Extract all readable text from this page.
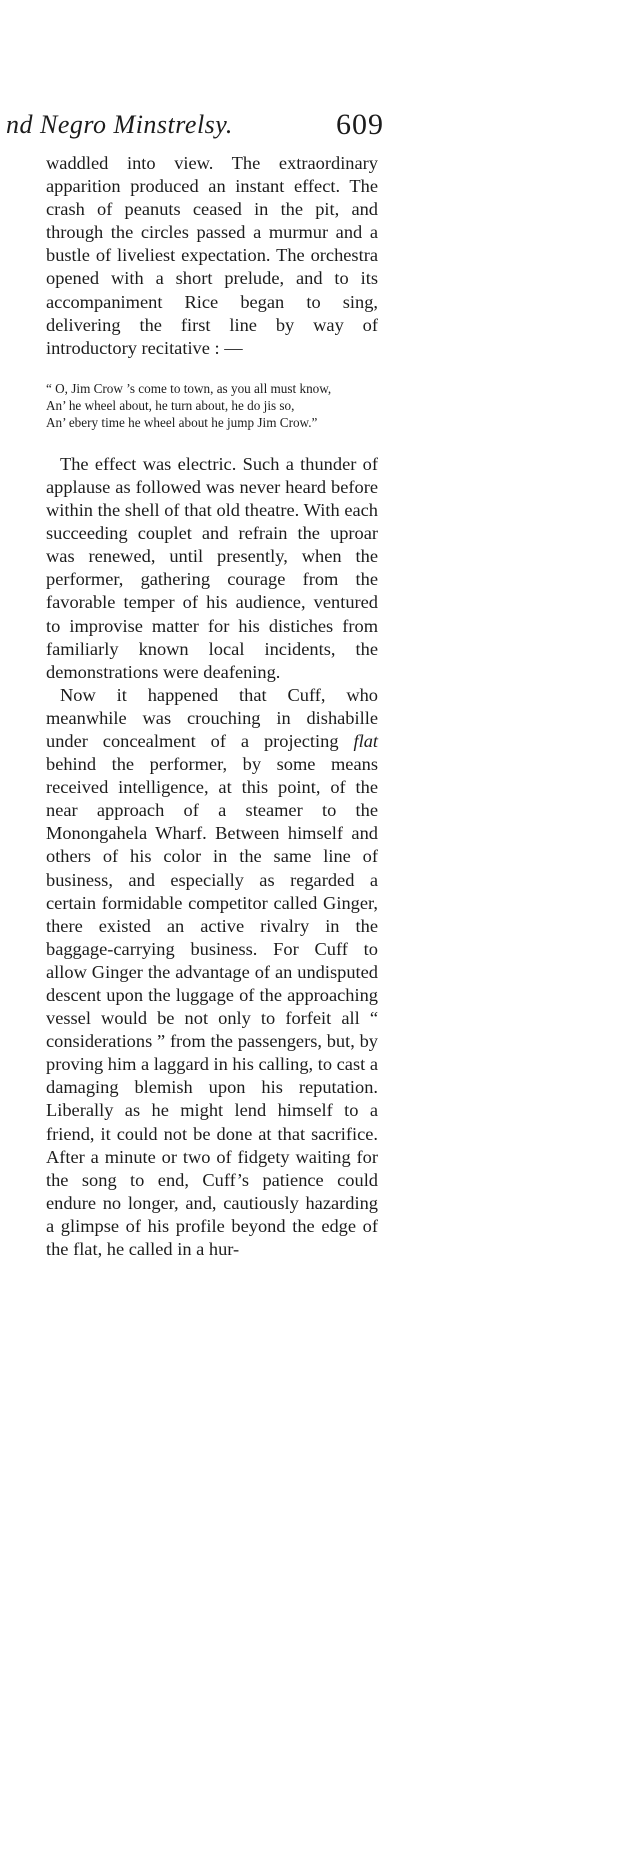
nd Negro Minstrelsy.	609

waddled into view. The extraordinary apparition produced an instant effect. The crash of peanuts ceased in the pit, and through the circles passed a murmur and a bustle of liveliest expectation. The orchestra opened with a short prelude, and to its accompaniment Rice began to sing, delivering the first line by way of introductory recitative : —

“ O, Jim Crow ’s come to town, as you all must know,
An’ he wheel about, he turn about, he do jis so,
An’ ebery time he wheel about he jump Jim Crow.”

The effect was electric. Such a thunder of applause as followed was never heard before within the shell of that old theatre. With each succeeding couplet and refrain the uproar was renewed, until presently, when the performer, gathering courage from the favorable temper of his audience, ventured to improvise matter for his distiches from familiarly known local incidents, the demonstrations were deafening.

Now it happened that Cuff, who meanwhile was crouching in dishabille under concealment of a projecting flat behind the performer, by some means received intelligence, at this point, of the near approach of a steamer to the Monongahela Wharf. Between himself and others of his color in the same line of business, and especially as regarded a certain formidable competitor called Ginger, there existed an active rivalry in the baggage-carrying business. For Cuff to allow Ginger the advantage of an undisputed descent upon the luggage of the approaching vessel would be not only to forfeit all “ considerations ” from the passengers, but, by proving him a laggard in his calling, to cast a damaging blemish upon his reputation. Liberally as he might lend himself to a friend, it could not be done at that sacrifice. After a minute or two of fidgety waiting for the song to end, Cuff’s patience could endure no longer, and, cautiously hazarding a glimpse of his profile beyond the edge of the flat, he called in a hur-
